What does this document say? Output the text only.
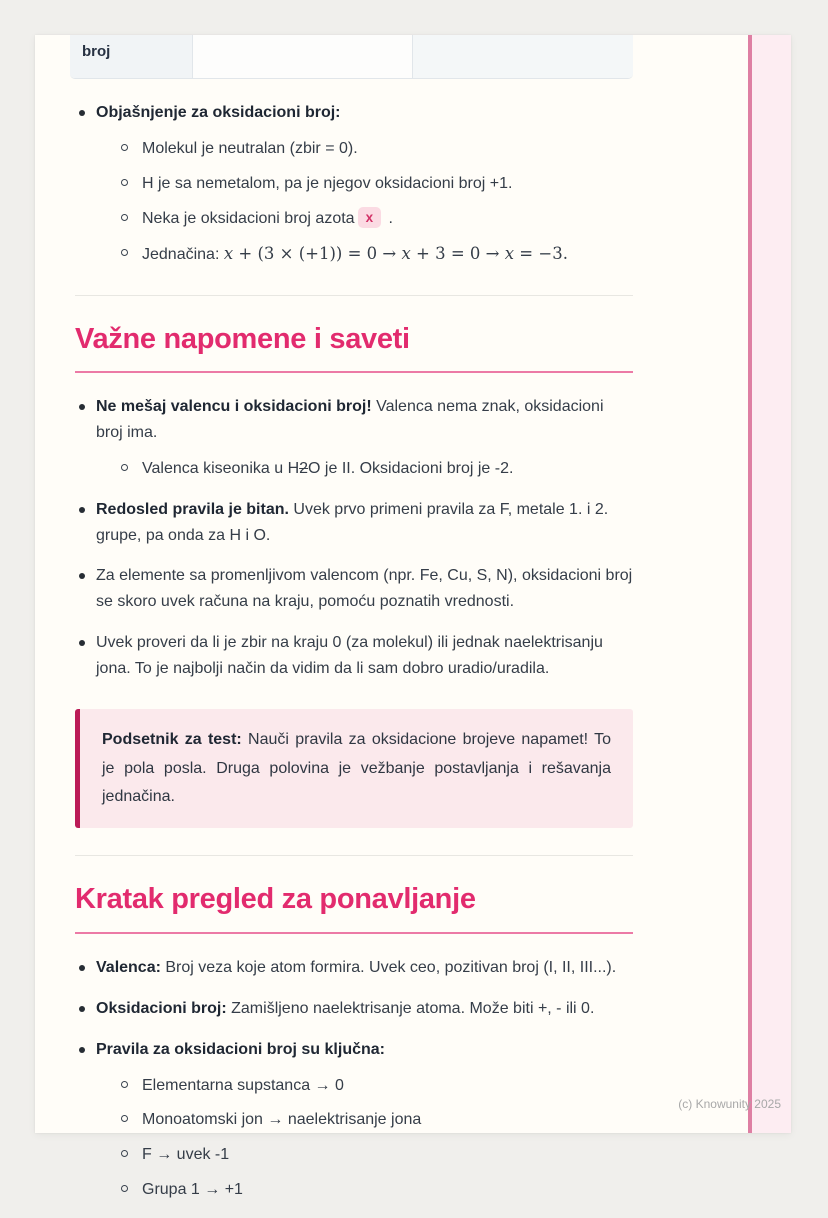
broj
Objašnjenje za oksidacioni broj:
Molekul je neutralan (zbir = 0).
H je sa nemetalom, pa je njegov oksidacioni broj +1.
Neka je oksidacioni broj azota x .
Jednačina: x + (3 × (+1)) = 0 → x + 3 = 0 → x = −3.
Važne napomene i saveti
Ne mešaj valencu i oksidacioni broj! Valenca nema znak, oksidacioni broj ima.
Valenca kiseonika u H2O je II. Oksidacioni broj je -2.
Redosled pravila je bitan. Uvek prvo primeni pravila za F, metale 1. i 2. grupe, pa onda za H i O.
Za elemente sa promenljivom valencom (npr. Fe, Cu, S, N), oksidacioni broj se skoro uvek računa na kraju, pomoću poznatih vrednosti.
Uvek proveri da li je zbir na kraju 0 (za molekul) ili jednak naelektrisanju jona. To je najbolji način da vidim da li sam dobro uradio/uradila.
Podsetnik za test: Nauči pravila za oksidacione brojeve napamet! To je pola posla. Druga polovina je vežbanje postavljanja i rešavanja jednačina.
Kratak pregled za ponavljanje
Valenca: Broj veza koje atom formira. Uvek ceo, pozitivan broj (I, II, III...).
Oksidacioni broj: Zamišljeno naelektrisanje atoma. Može biti +, - ili 0.
Pravila za oksidacioni broj su ključna:
Elementarna supstanca → 0
Monoatomski jon → naelektrisanje jona
F → uvek -1
Grupa 1 → +1
(c) Knowunity 2025
